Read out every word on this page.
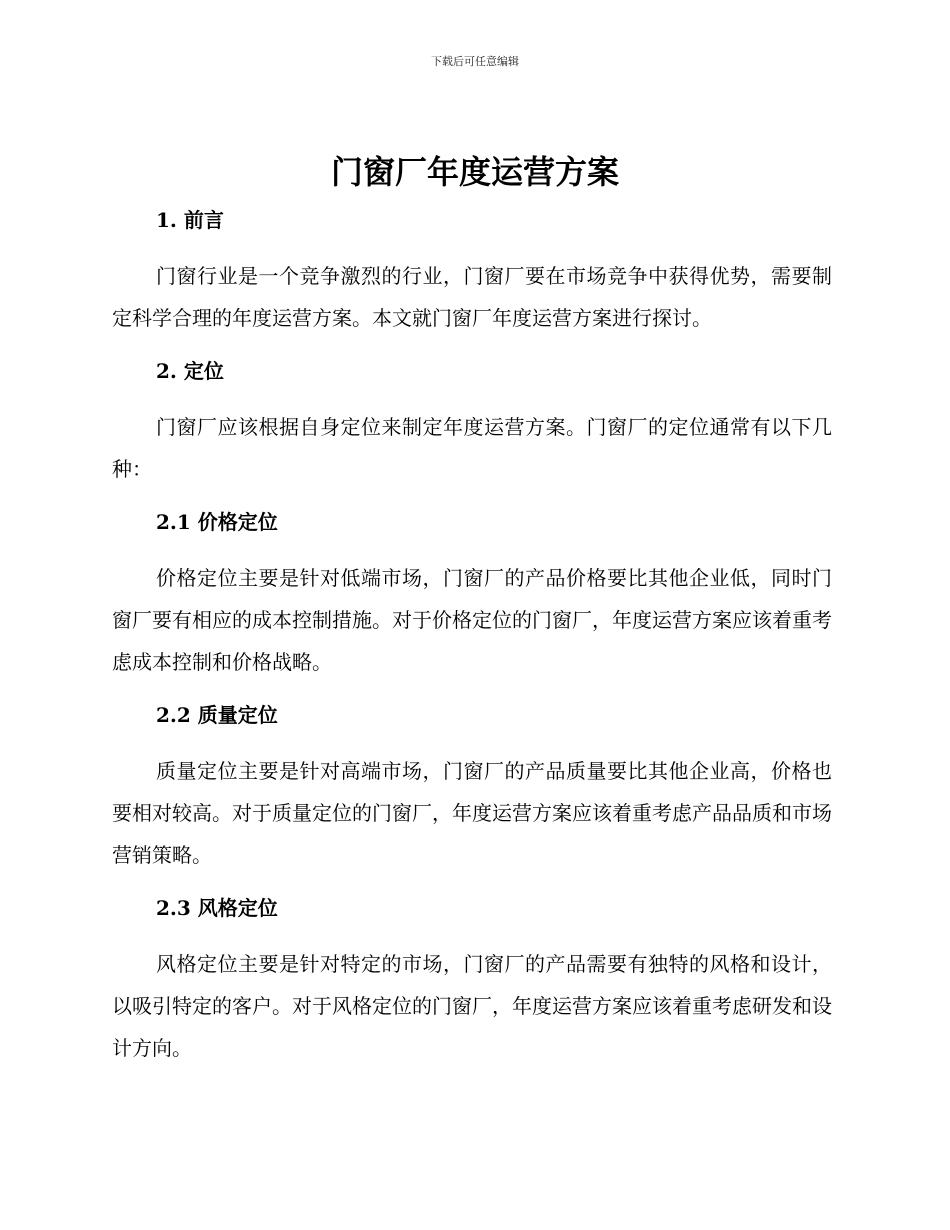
下载后可任意编辑
门窗厂年度运营方案
1. 前言

门窗行业是一个竞争激烈的行业，门窗厂要在市场竞争中获得优势，需要制定科学合理的年度运营方案。本文就门窗厂年度运营方案进行探讨。

2. 定位

门窗厂应该根据自身定位来制定年度运营方案。门窗厂的定位通常有以下几种：

2.1 价格定位

价格定位主要是针对低端市场，门窗厂的产品价格要比其他企业低，同时门窗厂要有相应的成本控制措施。对于价格定位的门窗厂，年度运营方案应该着重考虑成本控制和价格战略。

2.2 质量定位

质量定位主要是针对高端市场，门窗厂的产品质量要比其他企业高，价格也要相对较高。对于质量定位的门窗厂，年度运营方案应该着重考虑产品品质和市场营销策略。

2.3 风格定位

风格定位主要是针对特定的市场，门窗厂的产品需要有独特的风格和设计，以吸引特定的客户。对于风格定位的门窗厂，年度运营方案应该着重考虑研发和设计方向。
